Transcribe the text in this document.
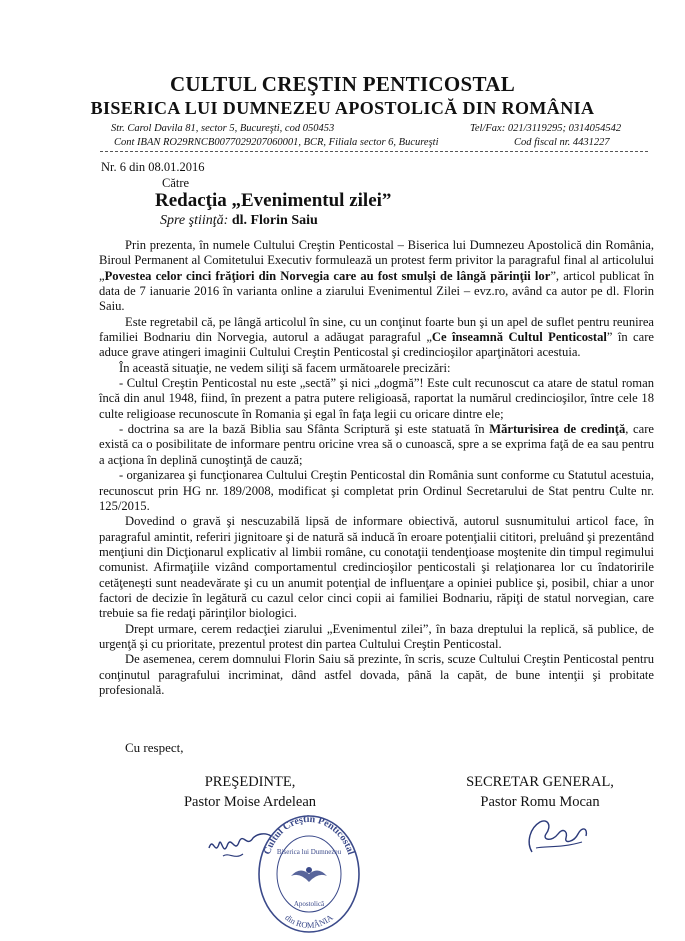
CULTUL CREŞTIN PENTICOSTAL
BISERICA LUI DUMNEZEU APOSTOLICĂ DIN ROMÂNIA
Str. Carol Davila 81, sector 5, Bucureşti, cod 050453	Tel/Fax: 021/3119295; 0314054542
Cont IBAN RO29RNCB0077029207060001, BCR, Filiala sector 6, Bucureşti	Cod fiscal nr. 4431227
Nr. 6 din 08.01.2016
Către
Redacţia „Evenimentul zilei”
Spre ştiinţă: dl. Florin Saiu

Prin prezenta, în numele Cultului Creştin Penticostal – Biserica lui Dumnezeu Apostolică din România, Biroul Permanent al Comitetului Executiv formulează un protest ferm privitor la paragraful final al articolului „Povestea celor cinci frăţiori din Norvegia care au fost smulşi de lângă părinţii lor”, articol publicat în data de 7 ianuarie 2016 în varianta online a ziarului Evenimentul Zilei – evz.ro, având ca autor pe dl. Florin Saiu.

Este regretabil că, pe lângă articolul în sine, cu un conţinut foarte bun şi un apel de suflet pentru reunirea familiei Bodnariu din Norvegia, autorul a adăugat paragraful „Ce înseamnă Cultul Penticostal” în care aduce grave atingeri imaginii Cultului Creştin Penticostal şi credincioşilor aparţinători acestuia.

În această situaţie, ne vedem siliţi să facem următoarele precizări:

- Cultul Creştin Penticostal nu este „sectă” şi nici „dogmă”! Este cult recunoscut ca atare de statul roman încă din anul 1948, fiind, în prezent a patra putere religioasă, raportat la numărul credincioşilor, între cele 18 culte religioase recunoscute în Romania şi egal în faţa legii cu oricare dintre ele;

- doctrina sa are la bază Biblia sau Sfânta Scriptură şi este statuată în Mărturisirea de credinţă, care există ca o posibilitate de informare pentru oricine vrea să o cunoască, spre a se exprima faţă de ea sau pentru a acţiona în deplină cunoştinţă de cauză;

- organizarea şi funcţionarea Cultului Creştin Penticostal din România sunt conforme cu Statutul acestuia, recunoscut prin HG nr. 189/2008, modificat şi completat prin Ordinul Secretarului de Stat pentru Culte nr. 125/2015.

Dovedind o gravă şi nescuzabilă lipsă de informare obiectivă, autorul susnumitului articol face, în paragraful amintit, referiri jignitoare şi de natură să inducă în eroare potenţialii cititori, preluând şi prezentând menţiuni din Dicţionarul explicativ al limbii române, cu conotaţii tendenţioase moştenite din timpul regimului comunist. Afirmaţiile vizând comportamentul credincioşilor penticostali şi relaţionarea lor cu îndatoririle cetăţeneşti sunt neadevărate şi cu un anumit potenţial de influenţare a opiniei publice şi, posibil, chiar a unor factori de decizie în legătură cu cazul celor cinci copii ai familiei Bodnariu, răpiţi de statul norvegian, care trebuie sa fie redaţi părinţilor biologici.

Drept urmare, cerem redacţiei ziarului „Evenimentul zilei”, în baza dreptului la replică, să publice, de urgenţă şi cu prioritate, prezentul protest din partea Cultului Creştin Penticostal.

De asemenea, cerem domnului Florin Saiu să prezinte, în scris, scuze Cultului Creştin Penticostal pentru conţinutul paragrafului incriminat, dând astfel dovada, până la capăt, de bune intenţii şi probitate profesională.

Cu respect,
PREŞEDINTE,
Pastor Moise Ardelean
SECRETAR GENERAL,
Pastor Romu Mocan
Cultul Creştin Penticostal
din ROMÂNIA
Biserica lui Dumnezeu
Apostolică
